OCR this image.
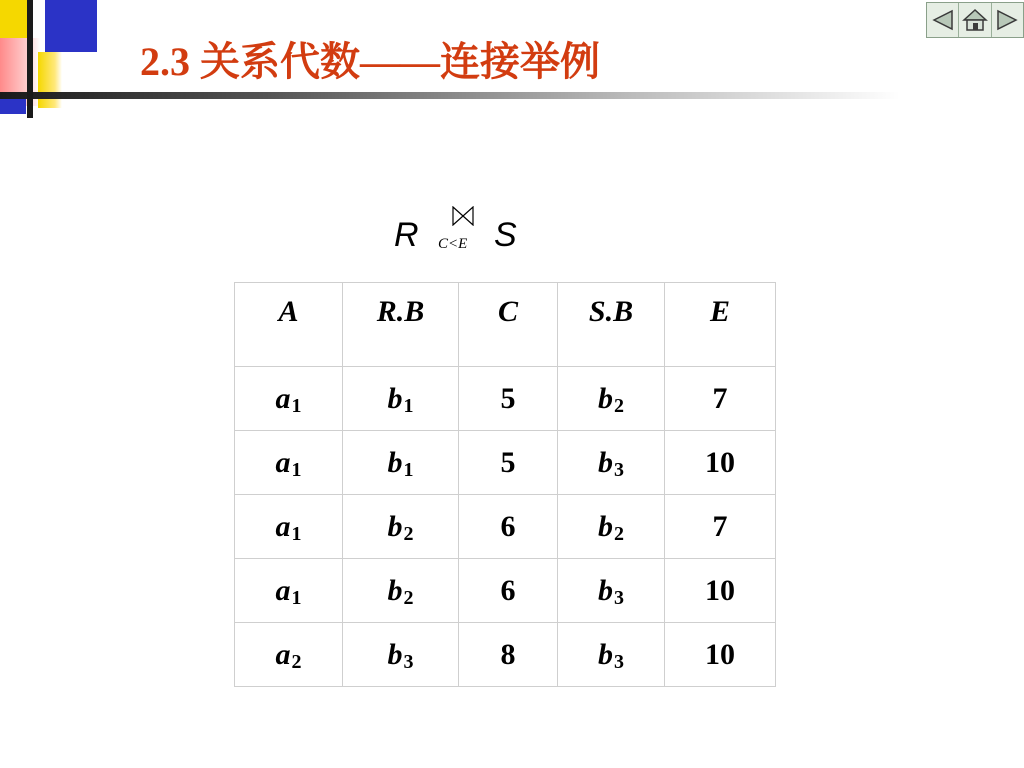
2.3 关系代数——连接举例
R C<E S
A	R.B	C	S.B	E
$a_1$	$b_1$	5	$b_2$	7
$a_1$	$b_1$	5	$b_3$	10
$a_1$	$b_2$	6	$b_2$	7
$a_1$	$b_2$	6	$b_3$	10
$a_2$	$b_3$	8	$b_3$	10
